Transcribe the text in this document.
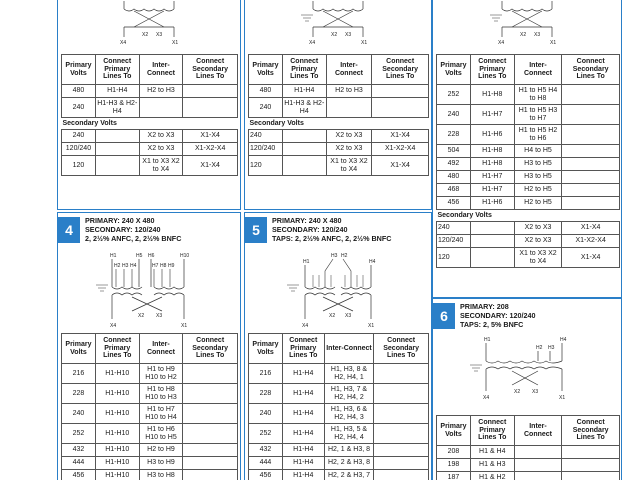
X4
X2 X3
X1
Primary Volts	Connect Primary Lines To	Inter-Connect	Connect Secondary Lines To
480	H1-H4	H2 to H3	
240	H1-H3 & H2-H4		
Secondary Volts			
240		X2 to X3	X1-X4
120/240		X2 to X3	X1-X2-X4
120		X1 to X3 X2 to X4	X1-X4
X4
X2 X3
X1
Primary Volts	Connect Primary Lines To	Inter-Connect	Connect Secondary Lines To
480	H1-H4	H2 to H3	
240	H1-H3 & H2-H4		
Secondary Volts			
240		X2 to X3	X1-X4
120/240		X2 to X3	X1-X2-X4
120		X1 to X3 X2 to X4	X1-X4
X4
X2 X3
X1
Primary Volts	Connect Primary Lines To	Inter-Connect	Connect Secondary Lines To
252	H1-H8	H1 to H5 H4 to H8	
240	H1-H7	H1 to H5 H3 to H7	
228	H1-H6	H1 to H5 H2 to H6	
504	H1-H8	H4 to H5	
492	H1-H8	H3 to H5	
480	H1-H7	H3 to H5	
468	H1-H7	H2 to H5	
456	H1-H6	H2 to H5	
Secondary Volts			
240		X2 to X3	X1-X4
120/240		X2 to X3	X1-X2-X4
120		X1 to X3 X2 to X4	X1-X4
4
PRIMARY: 240 X 480
SECONDARY: 120/240
2, 2½% ANFC, 2, 2½% BNFC
H1	H5 H6	H10
H2 H3 H4	H7 H8 H9
X4
X2 X3
X1
Primary Volts	Connect Primary Lines To	Inter-Connect	Connect Secondary Lines To
216	H1-H10	H1 to H9 H10 to H2	
228	H1-H10	H1 to H8 H10 to H3	
240	H1-H10	H1 to H7 H10 to H4	
252	H1-H10	H1 to H6 H10 to H5	
432	H1-H10	H2 to H9	
444	H1-H10	H3 to H9	
456	H1-H10	H3 to H8	
5
PRIMARY: 240 X 480
SECONDARY: 120/240
TAPS: 2, 2½% ANFC, 2, 2½% BNFC
H3 H2
H1	H4
X4
X2 X3
X1
Primary Volts	Connect Primary Lines To	Inter-Connect	Connect Secondary Lines To
216	H1-H4	H1, H3, 8 & H2, H4, 1	
228	H1-H4	H1, H3, 7 & H2, H4, 2	
240	H1-H4	H1, H3, 6 & H2, H4, 3	
252	H1-H4	H1, H3, 5 & H2, H4, 4	
432	H1-H4	H2, 1 & H3, 8	
444	H1-H4	H2, 2 & H3, 8	
456	H1-H4	H2, 2 & H3, 7	
6
PRIMARY: 208
SECONDARY: 120/240
TAPS: 2, 5% BNFC
H1
H2 H3
H4
X4
X2 X3
X1
Primary Volts	Connect Primary Lines To	Inter-Connect	Connect Secondary Lines To
208	H1 & H4		
198	H1 & H3		
187	H1 & H2		
